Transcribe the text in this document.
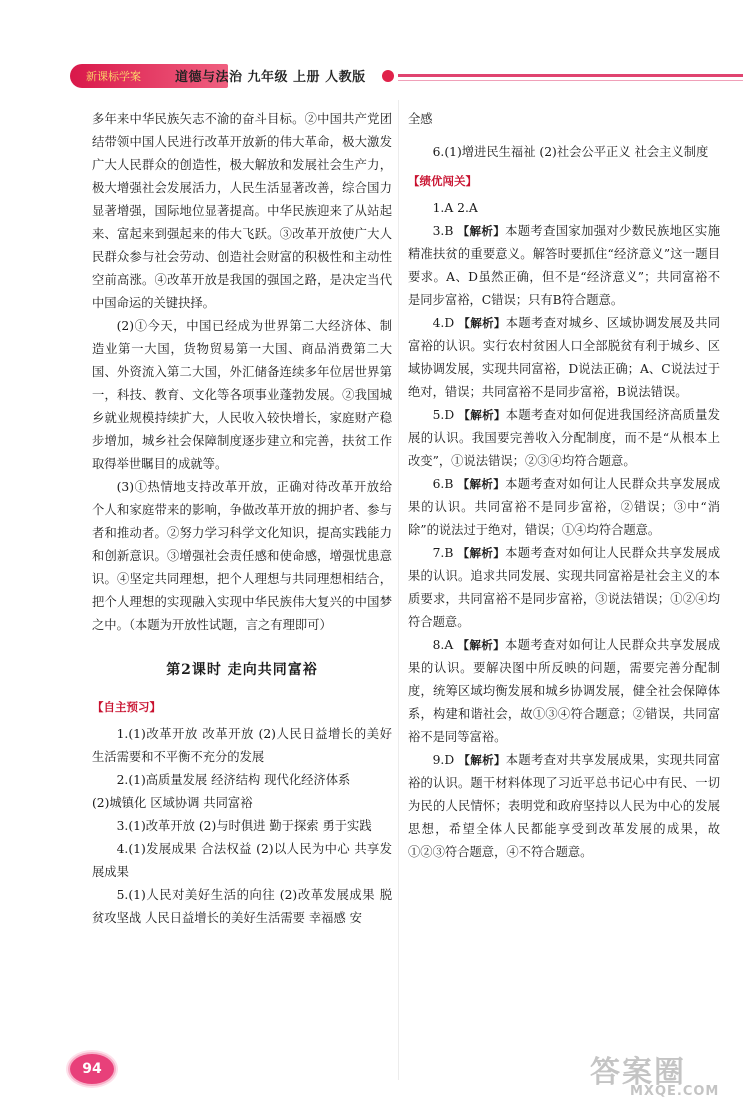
新课标学案	道德与法治 九年级 上册 人教版

多年来中华民族矢志不渝的奋斗目标。②中国共产党团结带领中国人民进行改革开放新的伟大革命，极大激发广大人民群众的创造性，极大解放和发展社会生产力，极大增强社会发展活力，人民生活显著改善，综合国力显著增强，国际地位显著提高。中华民族迎来了从站起来、富起来到强起来的伟大飞跃。③改革开放使广大人民群众参与社会劳动、创造社会财富的积极性和主动性空前高涨。④改革开放是我国的强国之路，是决定当代中国命运的关键抉择。

(2)①今天，中国已经成为世界第二大经济体、制造业第一大国，货物贸易第一大国、商品消费第二大国、外资流入第二大国，外汇储备连续多年位居世界第一，科技、教育、文化等各项事业蓬勃发展。②我国城乡就业规模持续扩大，人民收入较快增长，家庭财产稳步增加，城乡社会保障制度逐步建立和完善，扶贫工作取得举世瞩目的成就等。

(3)①热情地支持改革开放，正确对待改革开放给个人和家庭带来的影响，争做改革开放的拥护者、参与者和推动者。②努力学习科学文化知识，提高实践能力和创新意识。③增强社会责任感和使命感，增强忧患意识。④坚定共同理想，把个人理想与共同理想相结合，把个人理想的实现融入实现中华民族伟大复兴的中国梦之中。（本题为开放性试题，言之有理即可）

第2课时 走向共同富裕

【自主预习】

1.(1)改革开放 改革开放 (2)人民日益增长的美好生活需要和不平衡不充分的发展

2.(1)高质量发展 经济结构 现代化经济体系

(2)城镇化 区域协调 共同富裕

3.(1)改革开放 (2)与时俱进 勤于探索 勇于实践

4.(1)发展成果 合法权益 (2)以人民为中心 共享发展成果

5.(1)人民对美好生活的向往 (2)改革发展成果 脱贫攻坚战 人民日益增长的美好生活需要 幸福感 安

全感

6.(1)增进民生福祉 (2)社会公平正义 社会主义制度

【绩优闯关】

1.A 2.A

3.B 【解析】本题考查国家加强对少数民族地区实施精准扶贫的重要意义。解答时要抓住“经济意义”这一题目要求。A、D虽然正确，但不是“经济意义”；共同富裕不是同步富裕，C错误；只有B符合题意。

4.D 【解析】本题考查对城乡、区域协调发展及共同富裕的认识。实行农村贫困人口全部脱贫有利于城乡、区域协调发展，实现共同富裕，D说法正确；A、C说法过于绝对，错误；共同富裕不是同步富裕，B说法错误。

5.D 【解析】本题考查对如何促进我国经济高质量发展的认识。我国要完善收入分配制度，而不是“从根本上改变”，①说法错误；②③④均符合题意。

6.B 【解析】本题考查对如何让人民群众共享发展成果的认识。共同富裕不是同步富裕，②错误；③中“消除”的说法过于绝对，错误；①④均符合题意。

7.B 【解析】本题考查对如何让人民群众共享发展成果的认识。追求共同发展、实现共同富裕是社会主义的本质要求，共同富裕不是同步富裕，③说法错误；①②④均符合题意。

8.A 【解析】本题考查对如何让人民群众共享发展成果的认识。要解决图中所反映的问题，需要完善分配制度，统筹区域均衡发展和城乡协调发展，健全社会保障体系，构建和谐社会，故①③④符合题意；②错误，共同富裕不是同等富裕。

9.D 【解析】本题考查对共享发展成果，实现共同富裕的认识。题干材料体现了习近平总书记心中有民、一切为民的人民情怀；表明党和政府坚持以人民为中心的发展思想，希望全体人民都能享受到改革发展的成果，故①②③符合题意，④不符合题意。

94	答案圈
MXQE.COM
